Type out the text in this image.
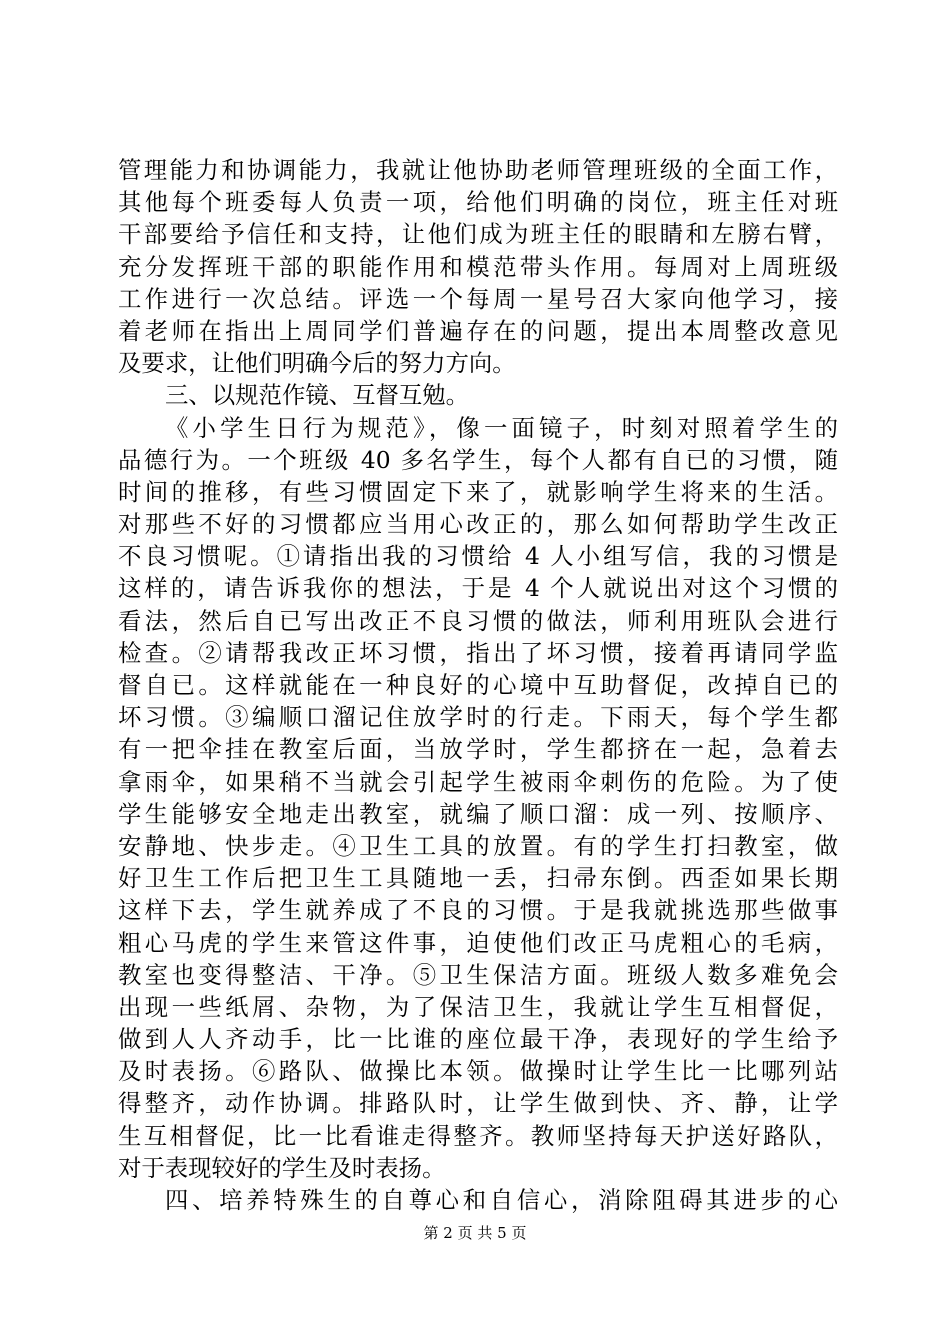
管理能力和协调能力，我就让他协助老师管理班级的全面工作，
其他每个班委每人负责一项，给他们明确的岗位，班主任对班
干部要给予信任和支持，让他们成为班主任的眼睛和左膀右臂，
充分发挥班干部的职能作用和模范带头作用。每周对上周班级
工作进行一次总结。评选一个每周一星号召大家向他学习，接
着老师在指出上周同学们普遍存在的问题，提出本周整改意见
及要求，让他们明确今后的努力方向。
三、以规范作镜、互督互勉。
《小学生日行为规范》，像一面镜子，时刻对照着学生的
品德行为。一个班级 40 多名学生，每个人都有自已的习惯，随
时间的推移，有些习惯固定下来了，就影响学生将来的生活。
对那些不好的习惯都应当用心改正的，那么如何帮助学生改正
不良习惯呢。①请指出我的习惯给 4 人小组写信，我的习惯是
这样的，请告诉我你的想法，于是 4 个人就说出对这个习惯的
看法，然后自已写出改正不良习惯的做法，师利用班队会进行
检查。②请帮我改正坏习惯，指出了坏习惯，接着再请同学监
督自已。这样就能在一种良好的心境中互助督促，改掉自已的
坏习惯。③编顺口溜记住放学时的行走。下雨天，每个学生都
有一把伞挂在教室后面，当放学时，学生都挤在一起，急着去
拿雨伞，如果稍不当就会引起学生被雨伞刺伤的危险。为了使
学生能够安全地走出教室，就编了顺口溜：成一列、按顺序、
安静地、快步走。④卫生工具的放置。有的学生打扫教室，做
好卫生工作后把卫生工具随地一丢，扫帚东倒。西歪如果长期
这样下去，学生就养成了不良的习惯。于是我就挑选那些做事
粗心马虎的学生来管这件事，迫使他们改正马虎粗心的毛病，
教室也变得整洁、干净。⑤卫生保洁方面。班级人数多难免会
出现一些纸屑、杂物，为了保洁卫生，我就让学生互相督促，
做到人人齐动手，比一比谁的座位最干净，表现好的学生给予
及时表扬。⑥路队、做操比本领。做操时让学生比一比哪列站
得整齐，动作协调。排路队时，让学生做到快、齐、静，让学
生互相督促，比一比看谁走得整齐。教师坚持每天护送好路队，
对于表现较好的学生及时表扬。
四、培养特殊生的自尊心和自信心，消除阻碍其进步的心
第 2 页 共 5 页
